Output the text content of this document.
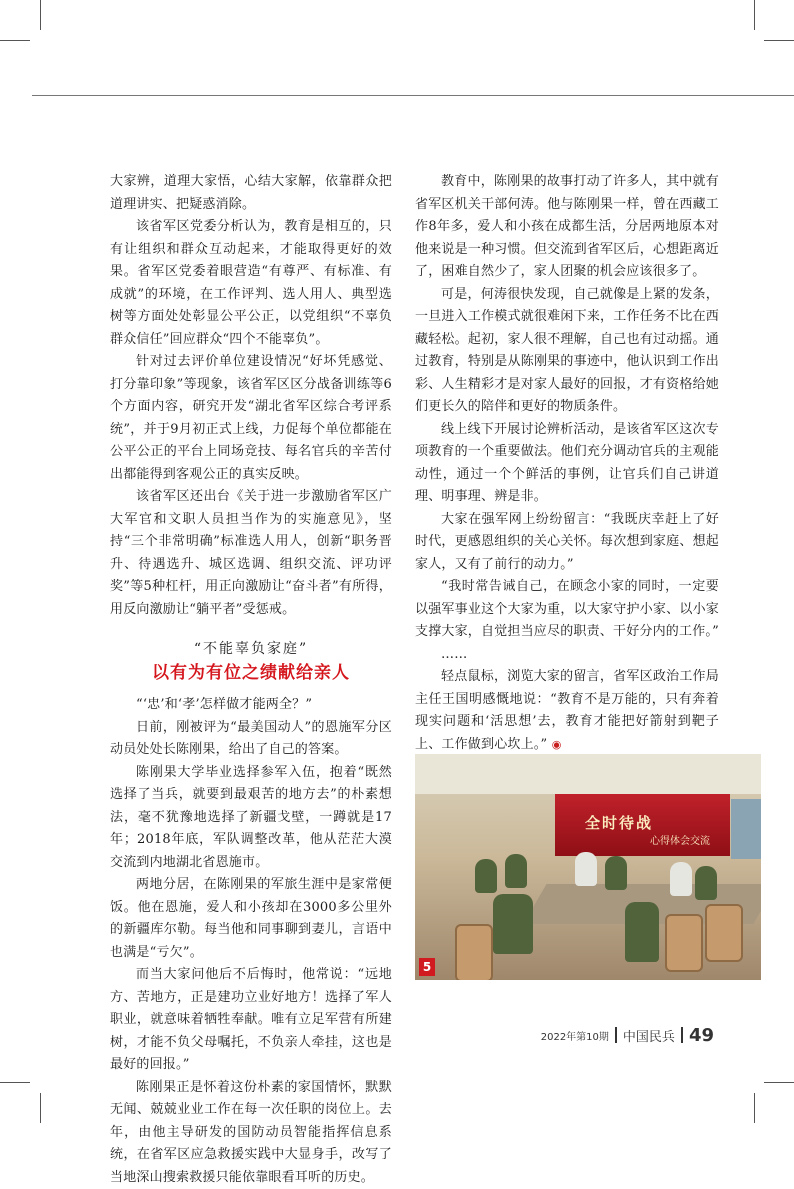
大家辨，道理大家悟，心结大家解，依靠群众把道理讲实、把疑惑消除。

该省军区党委分析认为，教育是相互的，只有让组织和群众互动起来，才能取得更好的效果。省军区党委着眼营造“有尊严、有标准、有成就”的环境，在工作评判、选人用人、典型选树等方面处处彰显公平公正，以党组织“不辜负群众信任”回应群众“四个不能辜负”。

针对过去评价单位建设情况“好坏凭感觉、打分靠印象”等现象，该省军区区分战备训练等6个方面内容，研究开发“湖北省军区综合考评系统”，并于9月初正式上线，力促每个单位都能在公平公正的平台上同场竞技、每名官兵的辛苦付出都能得到客观公正的真实反映。

该省军区还出台《关于进一步激励省军区广大军官和文职人员担当作为的实施意见》，坚持“三个非常明确”标准选人用人，创新“职务晋升、待遇选升、城区选调、组织交流、评功评奖”等5种杠杆，用正向激励让“奋斗者”有所得，用反向激励让“躺平者”受惩戒。

“不能辜负家庭”
以有为有位之绩献给亲人

“‘忠’和‘孝’怎样做才能两全？”

日前，刚被评为“最美国动人”的恩施军分区动员处处长陈刚果，给出了自己的答案。

陈刚果大学毕业选择参军入伍，抱着“既然选择了当兵，就要到最艰苦的地方去”的朴素想法，毫不犹豫地选择了新疆戈壁，一蹲就是17年；2018年底，军队调整改革，他从茫茫大漠交流到内地湖北省恩施市。

两地分居，在陈刚果的军旅生涯中是家常便饭。他在恩施，爱人和小孩却在3000多公里外的新疆库尔勒。每当他和同事聊到妻儿，言语中也满是“亏欠”。

而当大家问他后不后悔时，他常说：“远地方、苦地方，正是建功立业好地方！选择了军人职业，就意味着牺牲奉献。唯有立足军营有所建树，才能不负父母嘱托，不负亲人牵挂，这也是最好的回报。”

陈刚果正是怀着这份朴素的家国情怀，默默无闻、兢兢业业工作在每一次任职的岗位上。去年，由他主导研发的国防动员智能指挥信息系统，在省军区应急救援实践中大显身手，改写了当地深山搜索救援只能依靠眼看耳听的历史。

教育中，陈刚果的故事打动了许多人，其中就有省军区机关干部何涛。他与陈刚果一样，曾在西藏工作8年多，爱人和小孩在成都生活，分居两地原本对他来说是一种习惯。但交流到省军区后，心想距离近了，困难自然少了，家人团聚的机会应该很多了。

可是，何涛很快发现，自己就像是上紧的发条，一旦进入工作模式就很难闲下来，工作任务不比在西藏轻松。起初，家人很不理解，自己也有过动摇。通过教育，特别是从陈刚果的事迹中，他认识到工作出彩、人生精彩才是对家人最好的回报，才有资格给她们更长久的陪伴和更好的物质条件。

线上线下开展讨论辨析活动，是该省军区这次专项教育的一个重要做法。他们充分调动官兵的主观能动性，通过一个个鲜活的事例，让官兵们自己讲道理、明事理、辨是非。

大家在强军网上纷纷留言：“我既庆幸赶上了好时代，更感恩组织的关心关怀。每次想到家庭、想起家人，又有了前行的动力。”

“我时常告诫自己，在顾念小家的同时，一定要以强军事业这个大家为重，以大家守护小家、以小家支撑大家，自觉担当应尽的职责、干好分内的工作。”

……

轻点鼠标，浏览大家的留言，省军区政治工作局主任王国明感慨地说：“教育不是万能的，只有奔着现实问题和‘活思想’去，教育才能把好箭射到靶子上、工作做到心坎上。” ◉

全时待战
心得体会交流
5
2022年第10期 中国民兵 49
